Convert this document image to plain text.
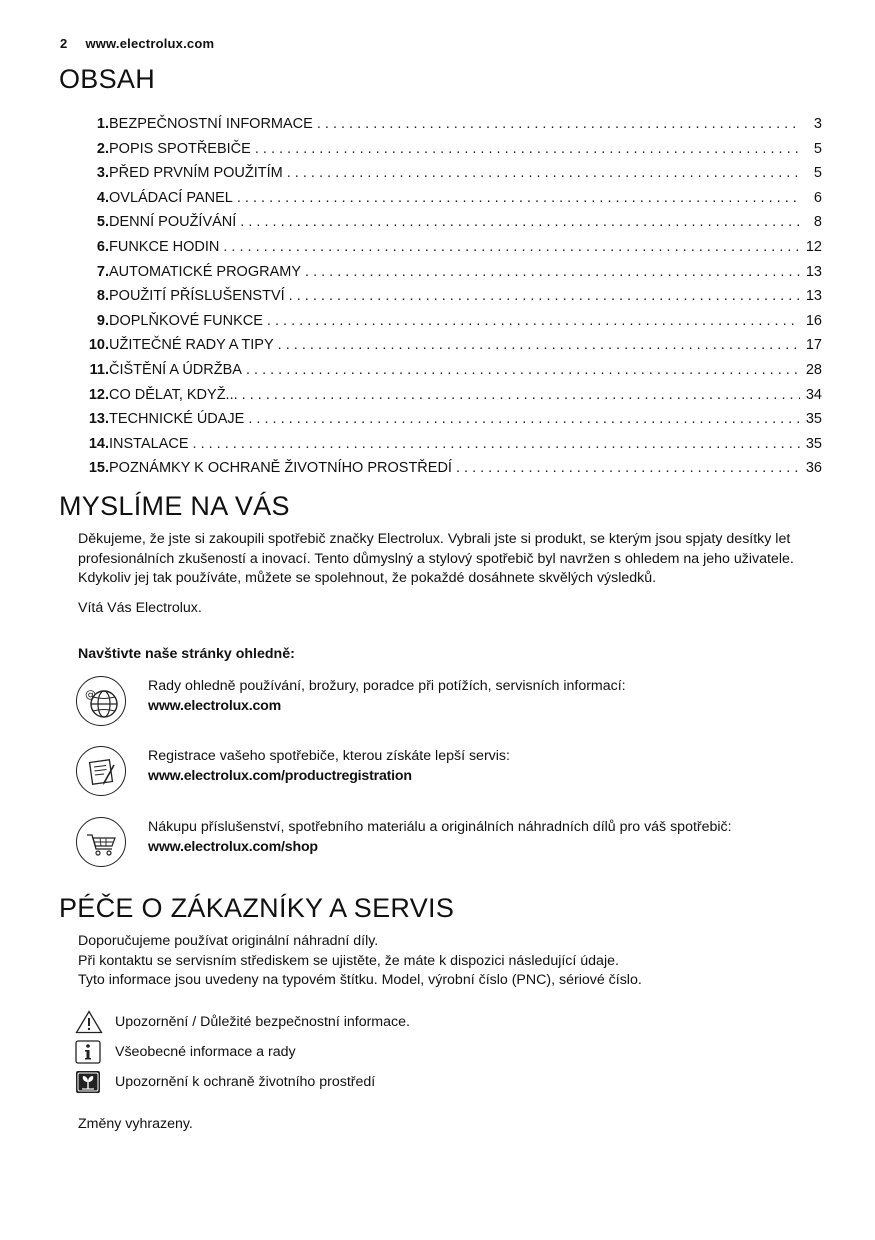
2 www.electrolux.com
OBSAH
1. BEZPEČNOSTNÍ INFORMACE . . .	3
2. POPIS SPOTŘEBIČE . . .	5
3. PŘED PRVNÍM POUŽITÍM . . .	5
4. OVLÁDACÍ PANEL . . .	6
5. DENNÍ POUŽÍVÁNÍ . . .	8
6. FUNKCE HODIN . . .	12
7. AUTOMATICKÉ PROGRAMY . . .	13
8. POUŽITÍ PŘÍSLUŠENSTVÍ . . .	13
9. DOPLŇKOVÉ FUNKCE . . .	16
10. UŽITEČNÉ RADY A TIPY . . .	17
11. ČIŠTĚNÍ A ÚDRŽBA . . .	28
12. CO DĚLAT, KDYŽ... . . .	34
13. TECHNICKÉ ÚDAJE . . .	35
14. INSTALACE . . .	35
15. POZNÁMKY K OCHRANĚ ŽIVOTNÍHO PROSTŘEDÍ . . .	36
MYSLÍME NA VÁS
Děkujeme, že jste si zakoupili spotřebič značky Electrolux. Vybrali jste si produkt, se kterým jsou spjaty desítky let profesionálních zkušeností a inovací. Tento důmyslný a stylový spotřebič byl navržen s ohledem na jeho uživatele. Kdykoliv jej tak používáte, můžete se spolehnout, že pokaždé dosáhnete skvělých výsledků.
Vítá Vás Electrolux.
Navštivte naše stránky ohledně:
@
Rady ohledně používání, brožury, poradce při potížích, servisních informací:
www.electrolux.com
Registrace vašeho spotřebiče, kterou získáte lepší servis:
www.electrolux.com/productregistration
Nákupu příslušenství, spotřebního materiálu a originálních náhradních dílů pro váš spotřebič:
www.electrolux.com/shop
PÉČE O ZÁKAZNÍKY A SERVIS
Doporučujeme používat originální náhradní díly.
Při kontaktu se servisním střediskem se ujistěte, že máte k dispozici následující údaje.
Tyto informace jsou uvedeny na typovém štítku. Model, výrobní číslo (PNC), sériové číslo.
Upozornění / Důležité bezpečnostní informace.
Všeobecné informace a rady
Upozornění k ochraně životního prostředí
Změny vyhrazeny.
